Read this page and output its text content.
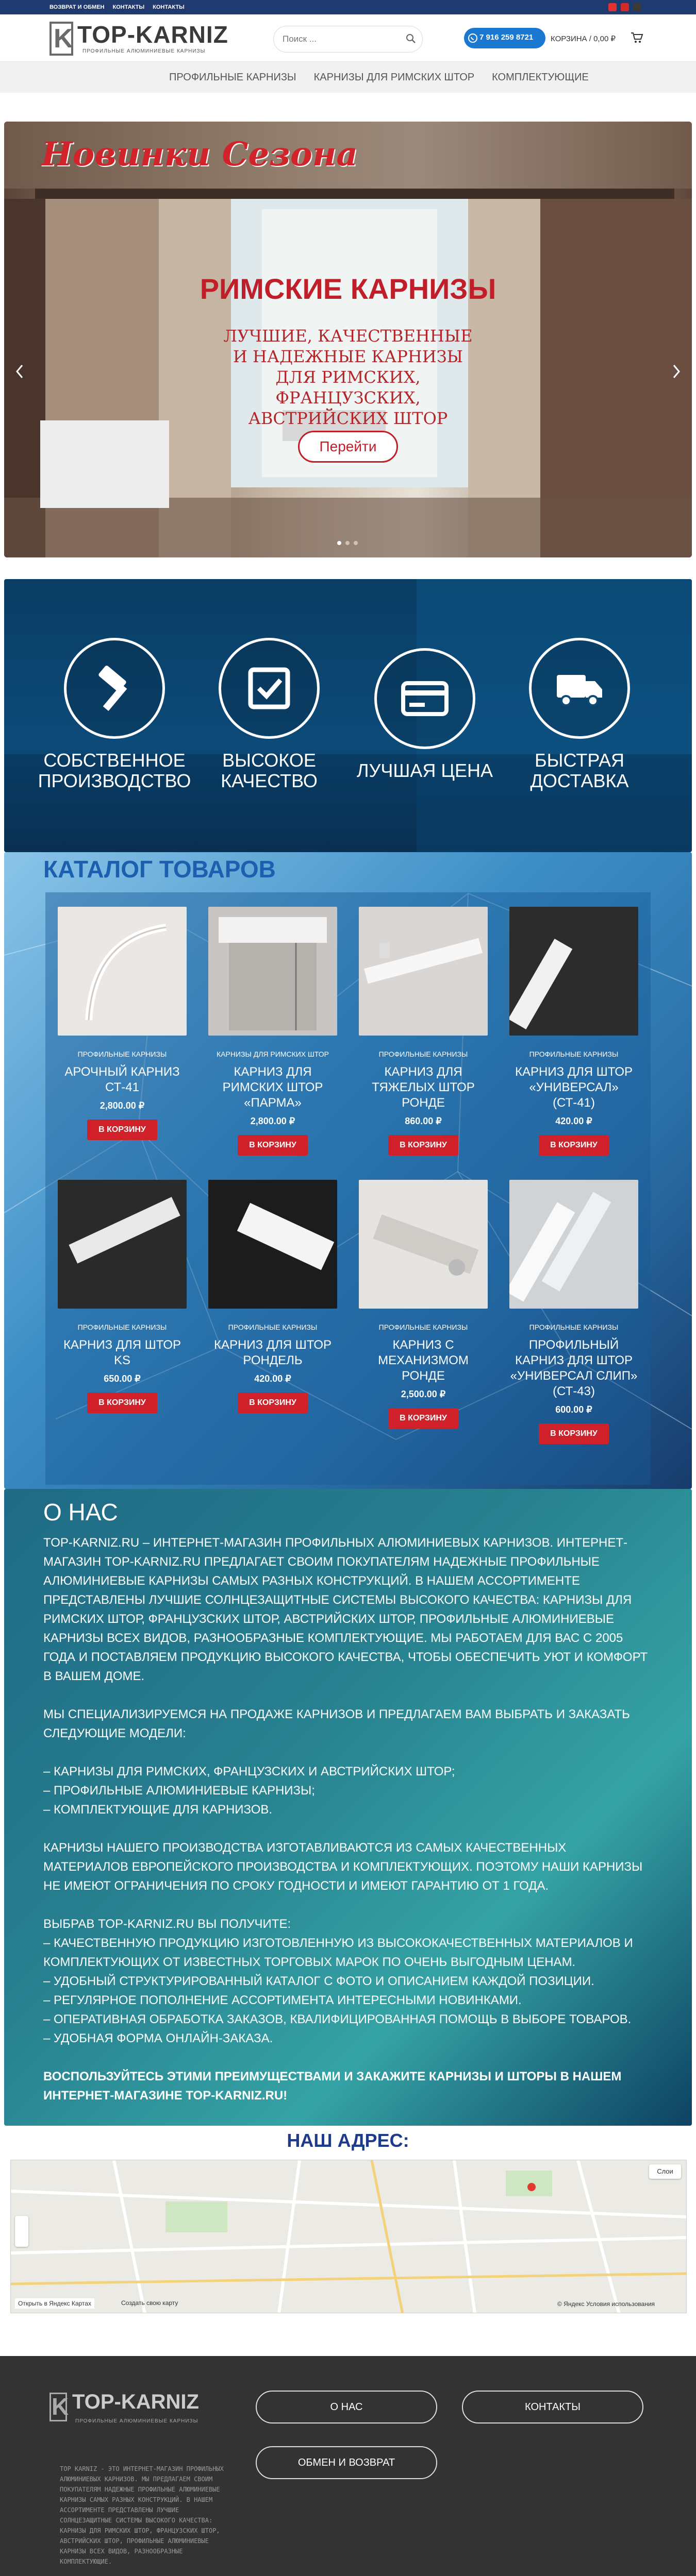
ВОЗВРАТ И ОБМЕН КОНТАКТЫ КОНТАКТЫ
K TOP-KARNIZ
ПРОФИЛЬНЫЕ АЛЮМИНИЕВЫЕ КАРНИЗЫ
Поиск ...
7 916 259 8721 КОРЗИНА / 0,00 ₽
ПРОФИЛЬНЫЕ КАРНИЗЫ КАРНИЗЫ ДЛЯ РИМСКИХ ШТОР КОМПЛЕКТУЮЩИЕ
Новинки Сезона
РИМСКИЕ КАРНИЗЫ
ЛУЧШИЕ, КАЧЕСТВЕННЫЕ И НАДЕЖНЫЕ КАРНИЗЫ ДЛЯ РИМСКИХ, ФРАНЦУЗСКИХ, АВСТРИЙСКИХ ШТОР
Перейти
СОБСТВЕННОЕ ПРОИЗВОДСТВО
ВЫСОКОЕ КАЧЕСТВО	ЛУЧШАЯ ЦЕНА	БЫСТРАЯ ДОСТАВКА
КАТАЛОГ ТОВАРОВ
ПРОФИЛЬНЫЕ КАРНИЗЫ
АРОЧНЫЙ КАРНИЗ СТ-41
2,800.00 ₽
В КОРЗИНУ
КАРНИЗЫ ДЛЯ РИМСКИХ ШТОР
КАРНИЗ ДЛЯ РИМСКИХ ШТОР «ПАРМА»
2,800.00 ₽
В КОРЗИНУ
ПРОФИЛЬНЫЕ КАРНИЗЫ
КАРНИЗ ДЛЯ ТЯЖЕЛЫХ ШТОР РОНДЕ
860.00 ₽
В КОРЗИНУ
ПРОФИЛЬНЫЕ КАРНИЗЫ
КАРНИЗ ДЛЯ ШТОР «УНИВЕРСАЛ» (СТ-41)
420.00 ₽
В КОРЗИНУ
ПРОФИЛЬНЫЕ КАРНИЗЫ
КАРНИЗ ДЛЯ ШТОР KS
650.00 ₽
В КОРЗИНУ
ПРОФИЛЬНЫЕ КАРНИЗЫ
КАРНИЗ ДЛЯ ШТОР РОНДЕЛЬ
420.00 ₽
В КОРЗИНУ
ПРОФИЛЬНЫЕ КАРНИЗЫ
КАРНИЗ С МЕХАНИЗМОМ РОНДЕ
2,500.00 ₽
В КОРЗИНУ
ПРОФИЛЬНЫЕ КАРНИЗЫ
ПРОФИЛЬНЫЙ КАРНИЗ ДЛЯ ШТОР «УНИВЕРСАЛ СЛИП» (СТ-43)
600.00 ₽
В КОРЗИНУ
О НАС

TOP-KARNIZ.RU – ИНТЕРНЕТ-МАГАЗИН ПРОФИЛЬНЫХ АЛЮМИНИЕВЫХ КАРНИЗОВ. ИНТЕРНЕТ-МАГАЗИН TOP-KARNIZ.RU ПРЕДЛАГАЕТ СВОИМ ПОКУПАТЕЛЯМ НАДЕЖНЫЕ ПРОФИЛЬНЫЕ АЛЮМИНИЕВЫЕ КАРНИЗЫ САМЫХ РАЗНЫХ КОНСТРУКЦИЙ. В НАШЕМ АССОРТИМЕНТЕ ПРЕДСТАВЛЕНЫ ЛУЧШИЕ СОЛНЦЕЗАЩИТНЫЕ СИСТЕМЫ ВЫСОКОГО КАЧЕСТВА: КАРНИЗЫ ДЛЯ РИМСКИХ ШТОР, ФРАНЦУЗСКИХ ШТОР, АВСТРИЙСКИХ ШТОР, ПРОФИЛЬНЫЕ АЛЮМИНИЕВЫЕ КАРНИЗЫ ВСЕХ ВИДОВ, РАЗНООБРАЗНЫЕ КОМПЛЕКТУЮЩИЕ. МЫ РАБОТАЕМ ДЛЯ ВАС С 2005 ГОДА И ПОСТАВЛЯЕМ ПРОДУКЦИЮ ВЫСОКОГО КАЧЕСТВА, ЧТОБЫ ОБЕСПЕЧИТЬ УЮТ И КОМФОРТ В ВАШЕМ ДОМЕ.

МЫ СПЕЦИАЛИЗИРУЕМСЯ НА ПРОДАЖЕ КАРНИЗОВ И ПРЕДЛАГАЕМ ВАМ ВЫБРАТЬ И ЗАКАЗАТЬ СЛЕДУЮЩИЕ МОДЕЛИ:

– КАРНИЗЫ ДЛЯ РИМСКИХ, ФРАНЦУЗСКИХ И АВСТРИЙСКИХ ШТОР;
– ПРОФИЛЬНЫЕ АЛЮМИНИЕВЫЕ КАРНИЗЫ;
– КОМПЛЕКТУЮЩИЕ ДЛЯ КАРНИЗОВ.

КАРНИЗЫ НАШЕГО ПРОИЗВОДСТВА ИЗГОТАВЛИВАЮТСЯ ИЗ САМЫХ КАЧЕСТВЕННЫХ МАТЕРИАЛОВ ЕВРОПЕЙСКОГО ПРОИЗВОДСТВА И КОМПЛЕКТУЮЩИХ. ПОЭТОМУ НАШИ КАРНИЗЫ НЕ ИМЕЮТ ОГРАНИЧЕНИЯ ПО СРОКУ ГОДНОСТИ И ИМЕЮТ ГАРАНТИЮ ОТ 1 ГОДА.

ВЫБРАВ TOP-KARNIZ.RU ВЫ ПОЛУЧИТЕ:
– КАЧЕСТВЕННУЮ ПРОДУКЦИЮ ИЗГОТОВЛЕННУЮ ИЗ ВЫСОКОКАЧЕСТВЕННЫХ МАТЕРИАЛОВ И КОМПЛЕКТУЮЩИХ ОТ ИЗВЕСТНЫХ ТОРГОВЫХ МАРОК ПО ОЧЕНЬ ВЫГОДНЫМ ЦЕНАМ.
– УДОБНЫЙ СТРУКТУРИРОВАННЫЙ КАТАЛОГ С ФОТО И ОПИСАНИЕМ КАЖДОЙ ПОЗИЦИИ.
– РЕГУЛЯРНОЕ ПОПОЛНЕНИЕ АССОРТИМЕНТА ИНТЕРЕСНЫМИ НОВИНКАМИ.
– ОПЕРАТИВНАЯ ОБРАБОТКА ЗАКАЗОВ, КВАЛИФИЦИРОВАННАЯ ПОМОЩЬ В ВЫБОРЕ ТОВАРОВ.
– УДОБНАЯ ФОРМА ОНЛАЙН-ЗАКАЗА.

ВОСПОЛЬЗУЙТЕСЬ ЭТИМИ ПРЕИМУЩЕСТВАМИ И ЗАКАЖИТЕ КАРНИЗЫ И ШТОРЫ В НАШЕМ ИНТЕРНЕТ-МАГАЗИНЕ TOP-KARNIZ.RU!

НАШ АДРЕС:
Слои
Открыть в Яндекс Картах	Создать свою карту	© Яндекс Условия использования
K TOP-KARNIZ
ПРОФИЛЬНЫЕ АЛЮМИНИЕВЫЕ КАРНИЗЫ
TOP KARNIZ - ЭТО ИНТЕРНЕТ-МАГАЗИН ПРОФИЛЬНЫХ АЛЮМИНИЕВЫХ КАРНИЗОВ. МЫ ПРЕДЛАГАЕМ СВОИМ ПОКУПАТЕЛЯМ НАДЕЖНЫЕ ПРОФИЛЬНЫЕ АЛЮМИНИЕВЫЕ КАРНИЗЫ САМЫХ РАЗНЫХ КОНСТРУКЦИЙ. В НАШЕМ АССОРТИМЕНТЕ ПРЕДСТАВЛЕНЫ ЛУЧШИЕ СОЛНЦЕЗАЩИТНЫЕ СИСТЕМЫ ВЫСОКОГО КАЧЕСТВА: КАРНИЗЫ ДЛЯ РИМСКИХ ШТОР, ФРАНЦУЗСКИХ ШТОР, АВСТРИЙСКИХ ШТОР, ПРОФИЛЬНЫЕ АЛЮМИНИЕВЫЕ КАРНИЗЫ ВСЕХ ВИДОВ, РАЗНООБРАЗНЫЕ КОМПЛЕКТУЮЩИЕ.
О НАС	КОНТАКТЫ
ОБМЕН И ВОЗВРАТ
